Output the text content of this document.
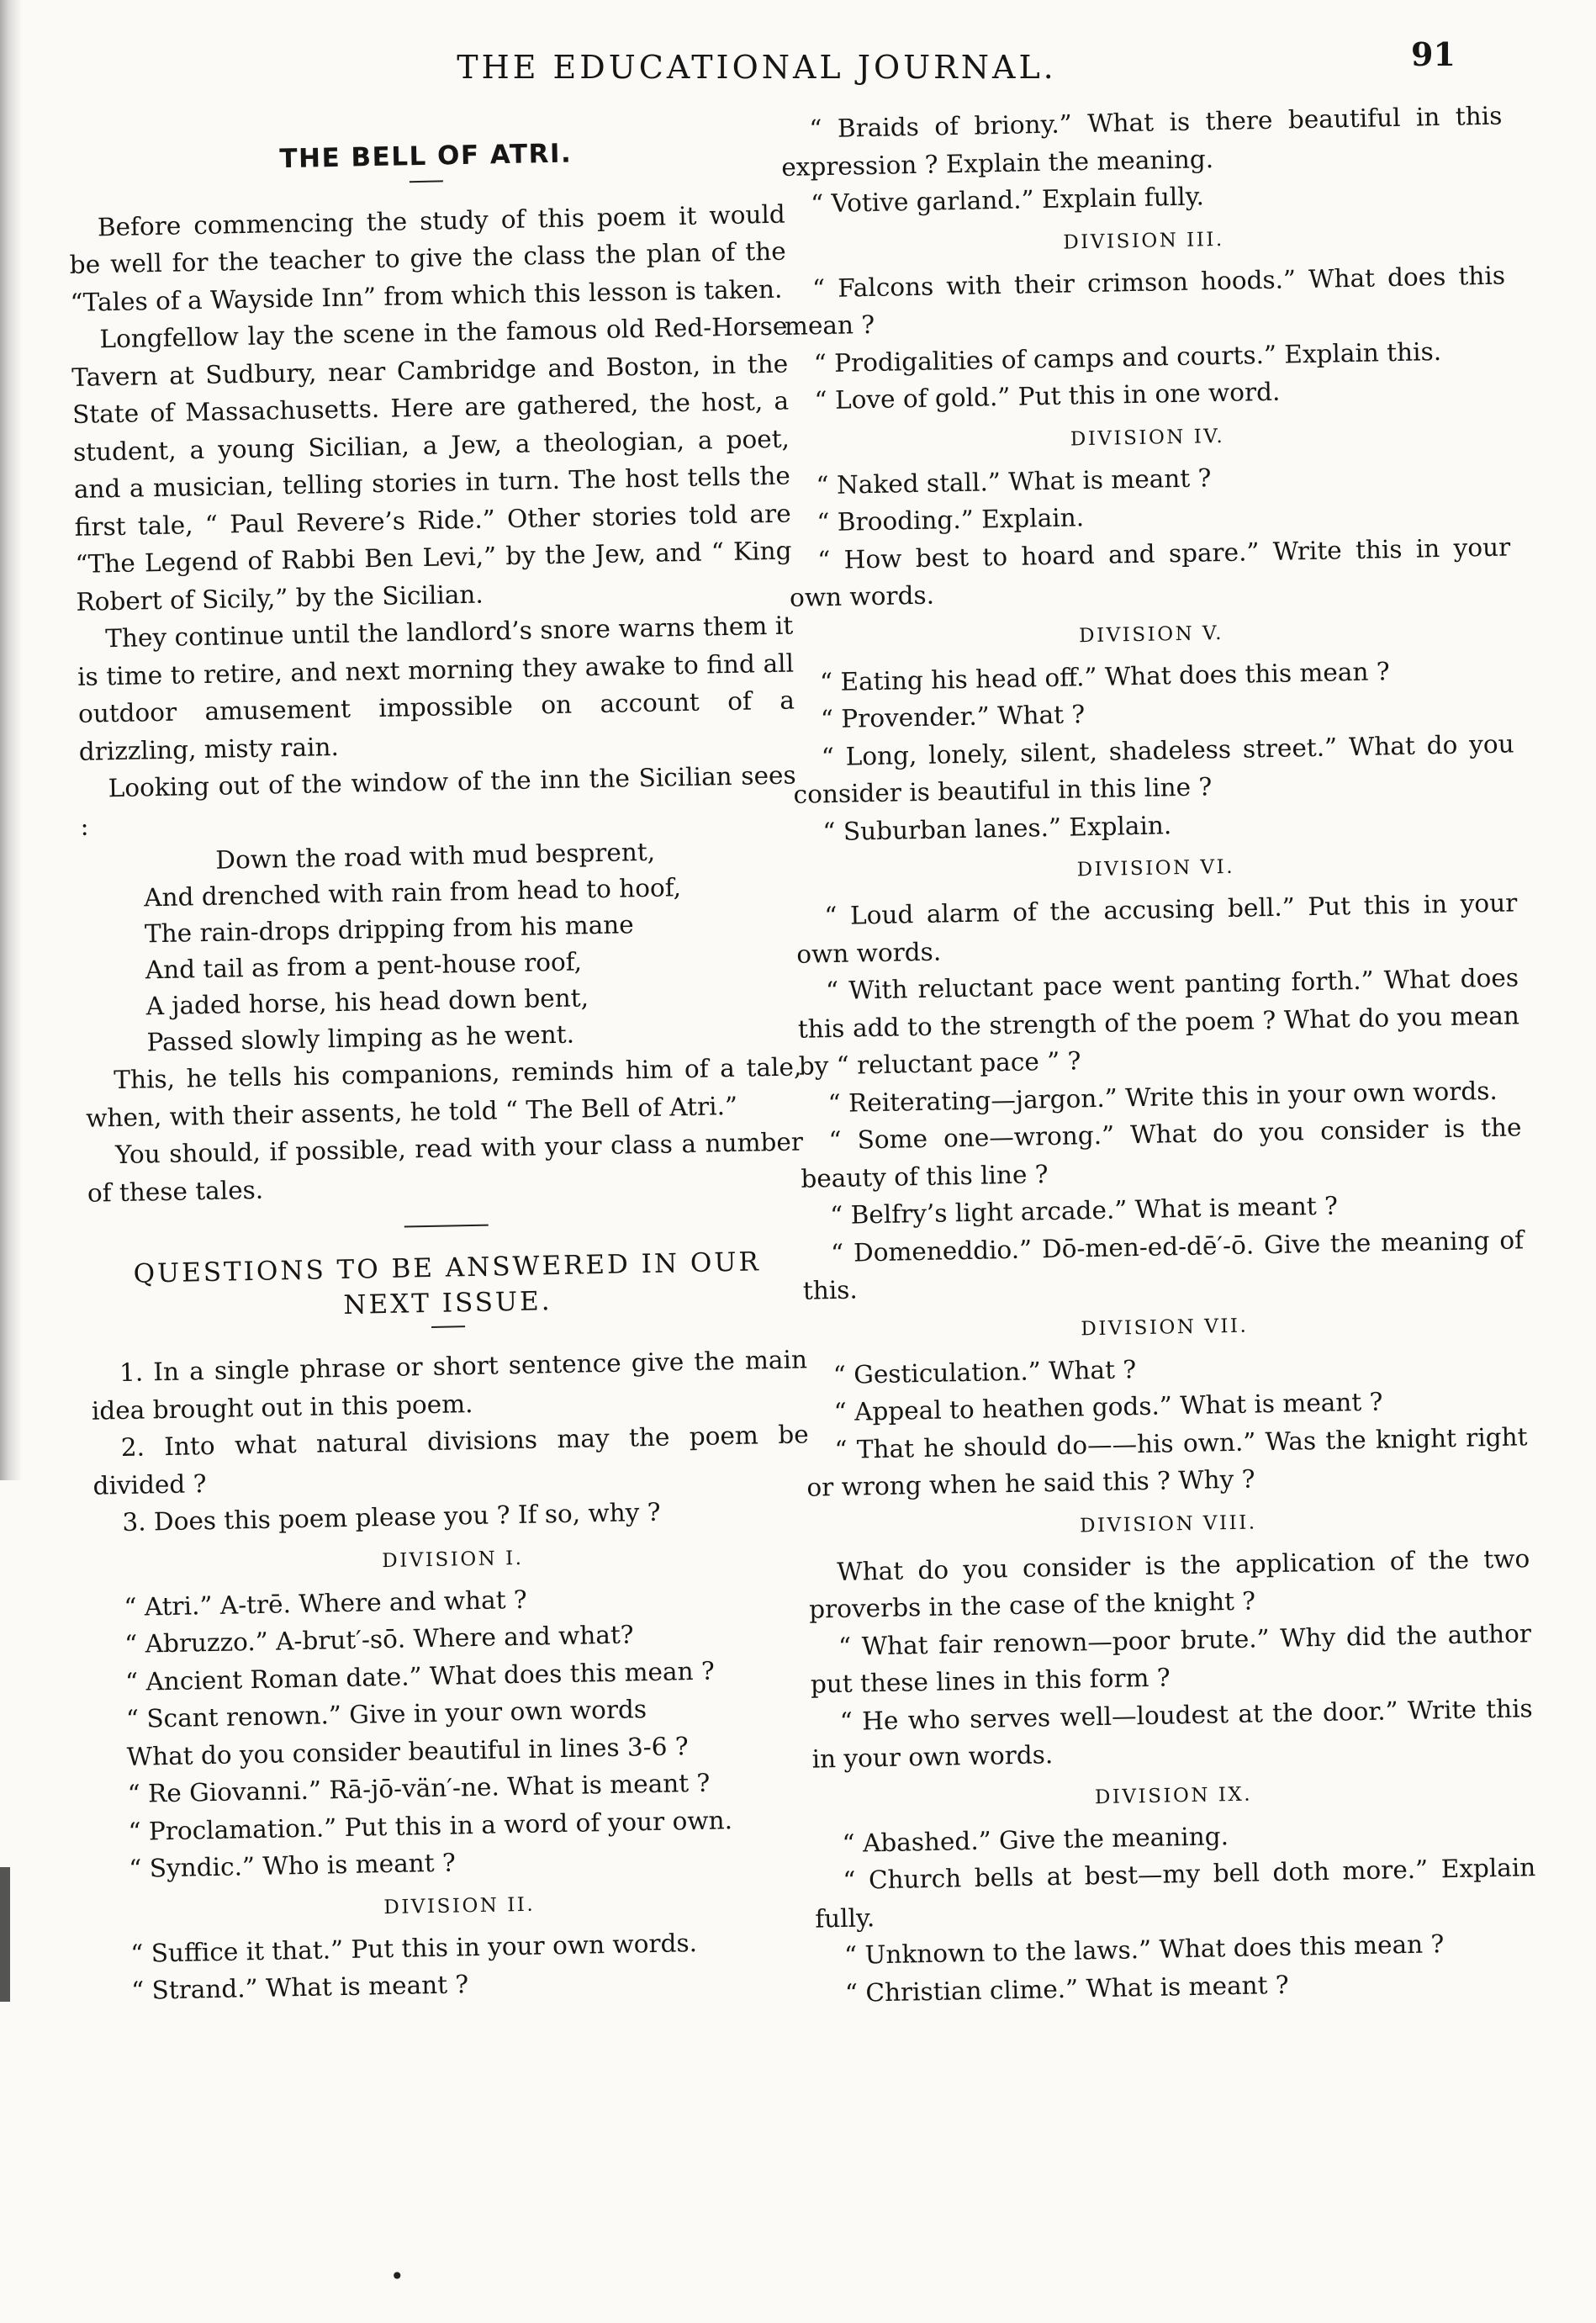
THE EDUCATIONAL JOURNAL.	91
THE BELL OF ATRI.

Before commencing the study of this poem it would be well for the teacher to give the class the plan of the “Tales of a Wayside Inn” from which this lesson is taken.

Longfellow lay the scene in the famous old Red-Horse Tavern at Sudbury, near Cambridge and Boston, in the State of Massachusetts. Here are gathered, the host, a student, a young Sicilian, a Jew, a theologian, a poet, and a musician, telling stories in turn. The host tells the first tale, “ Paul Revere’s Ride.” Other stories told are “The Legend of Rabbi Ben Levi,” by the Jew, and “ King Robert of Sicily,” by the Sicilian.

They continue until the landlord’s snore warns them it is time to retire, and next morning they awake to find all outdoor amusement impossible on account of a drizzling, misty rain.

Looking out of the window of the inn the Sicilian sees :

Down the road with mud besprent,

And drenched with rain from head to hoof,

The rain-drops dripping from his mane

And tail as from a pent-house roof,

A jaded horse, his head down bent,

Passed slowly limping as he went.

This, he tells his companions, reminds him of a tale, when, with their assents, he told “ The Bell of Atri.”

You should, if possible, read with your class a number of these tales.

QUESTIONS TO BE ANSWERED IN OUR NEXT ISSUE.

1. In a single phrase or short sentence give the main idea brought out in this poem.

2. Into what natural divisions may the poem be divided ?

3. Does this poem please you ? If so, why ?

DIVISION I.

“ Atri.” A-trē. Where and what ?

“ Abruzzo.” A-brut′-sō. Where and what?

“ Ancient Roman date.” What does this mean ?

“ Scant renown.” Give in your own words

What do you consider beautiful in lines 3-6 ?

“ Re Giovanni.” Rā-jō-vän′-ne. What is meant ?

“ Proclamation.” Put this in a word of your own.

“ Syndic.” Who is meant ?

DIVISION II.

“ Suffice it that.” Put this in your own words.

“ Strand.” What is meant ?

“ Braids of briony.” What is there beautiful in this expression ? Explain the meaning.

“ Votive garland.” Explain fully.

DIVISION III.

“ Falcons with their crimson hoods.” What does this mean ?

“ Prodigalities of camps and courts.” Explain this.

“ Love of gold.” Put this in one word.

DIVISION IV.

“ Naked stall.” What is meant ?

“ Brooding.” Explain.

“ How best to hoard and spare.” Write this in your own words.

DIVISION V.

“ Eating his head off.” What does this mean ?

“ Provender.” What ?

“ Long, lonely, silent, shadeless street.” What do you consider is beautiful in this line ?

“ Suburban lanes.” Explain.

DIVISION VI.

“ Loud alarm of the accusing bell.” Put this in your own words.

“ With reluctant pace went panting forth.” What does this add to the strength of the poem ? What do you mean by “ reluctant pace ” ?

“ Reiterating—jargon.” Write this in your own words.

“ Some one—wrong.” What do you consider is the beauty of this line ?

“ Belfry’s light arcade.” What is meant ?

“ Domeneddio.” Dō-men-ed-dē′-ō. Give the meaning of this.

DIVISION VII.

“ Gesticulation.” What ?

“ Appeal to heathen gods.” What is meant ?

“ That he should do——his own.” Was the knight right or wrong when he said this ? Why ?

DIVISION VIII.

What do you consider is the application of the two proverbs in the case of the knight ?

“ What fair renown—poor brute.” Why did the author put these lines in this form ?

“ He who serves well—loudest at the door.” Write this in your own words.

DIVISION IX.

“ Abashed.” Give the meaning.

“ Church bells at best—my bell doth more.” Explain fully.

“ Unknown to the laws.” What does this mean ?

“ Christian clime.” What is meant ?

•
